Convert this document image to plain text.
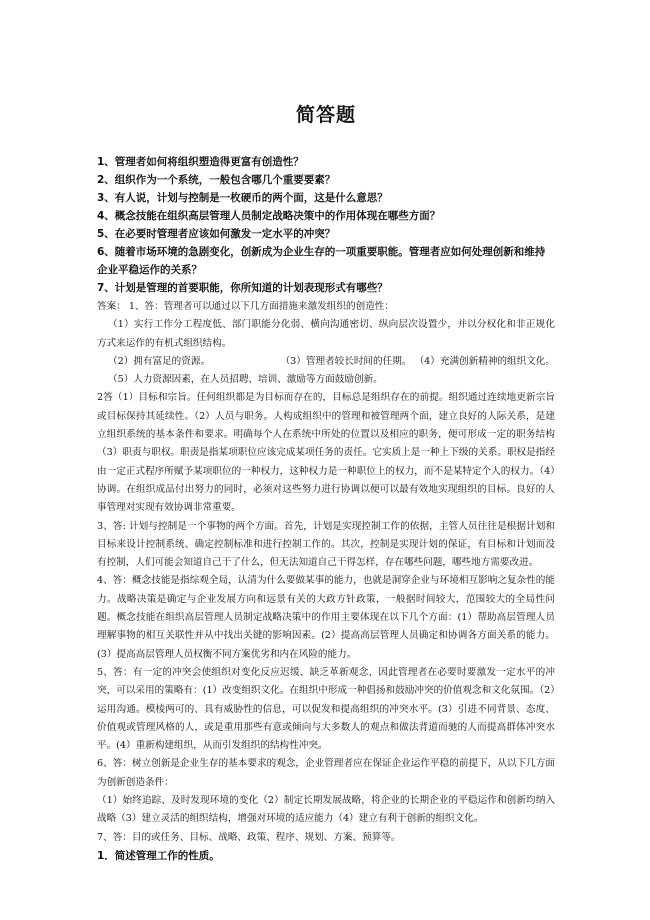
简答题

1、管理者如何将组织塑造得更富有创造性？

2、组织作为一个系统，一般包含哪几个重要要素？

3、有人说，计划与控制是一枚硬币的两个面，这是什么意思？

4、概念技能在组织高层管理人员制定战略决策中的作用体现在哪些方面？

5、在必要时管理者应该如何激发一定水平的冲突？

6、随着市场环境的急剧变化，创新成为企业生存的一项重要职能。管理者应如何处理创新和维持企业平稳运作的关系？

7、计划是管理的首要职能，你所知道的计划表现形式有哪些？

答案： 1、答：管理者可以通过以下几方面措施来激发组织的创造性：

（1）实行工作分工程度低、部门职能分化弱、横向沟通密切、纵向层次设置少，并以分权化和非正规化方式来运作的有机式组织结构。

（2）拥有富足的资源。	（3）管理者较长时间的任期。 （4）充满创新精神的组织文化。

（5）人力资源因素，在人员招聘、培训、激励等方面鼓励创新。

2答（1）目标和宗旨。任何组织都是为目标而存在的，目标总是组织存在的前提。组织通过连续地更新宗旨或目标保持其延续性。（2）人员与职务。人构成组织中的管理和被管理两个面，建立良好的人际关系，是建立组织系统的基本条件和要求。明确每个人在系统中所处的位置以及相应的职务，便可形成一定的职务结构（3）职责与职权。职责是指某项职位应该完成某项任务的责任。它实质上是一种上下级的关系。职权是指经由一定正式程序所赋予某项职位的一种权力，这种权力是一种职位上的权力，而不是某特定个人的权力。（4）协调。在组织成品付出努力的同时，必须对这些努力进行协调以便可以最有效地实现组织的目标。良好的人事管理对实现有效协调非常重要。

3、答: 计划与控制是一个事物的两个方面。首先，计划是实现控制工作的依据，主管人员往往是根据计划和目标来设计控制系统、确定控制标准和进行控制工作的。其次，控制是实现计划的保证，有目标和计划而没有控制，人们可能会知道自己干了什么，但无法知道自己干得怎样，存在哪些问题，哪些地方需要改进。

4、答：概念技能是指综观全局，认清为什么要做某事的能力，也就是洞穿企业与环境相互影响之复杂性的能力。战略决策是确定与企业发展方向和远景有关的大政方针政策，一般据时间较大，范围较大的全局性问题。概念技能在组织高层管理人员制定战略决策中的作用主要体现在以下几个方面：(1）帮助高层管理人员理解事物的相互关联性并从中找出关键的影响因素。(2）提高高层管理人员确定和协调各方面关系的能力。(3）提高高层管理人员权衡不同方案优劣和内在风险的能力。

5、答：有一定的冲突会使组织对变化反应迟缓、缺乏革新观念，因此管理者在必要时要激发一定水平的冲突，可以采用的策略有：(1）改变组织文化。在组织中形成一种倡扬和鼓励冲突的价值观念和文化氛围。（2）运用沟通。模棱两可的、具有威胁性的信息，可以促发和提高组织的冲突水平。(3）引进不同背景、态度、价值观或管理风格的人，或是重用那些有意或倾向与大多数人的观点和做法背道而驰的人而提高群体冲突水平。(4）重新构建组织，从而引发组织的结构性冲突。

6、答：树立创新是企业生存的基本要求的观念，企业管理者应在保证企业运作平稳的前提下，从以下几方面为创新创造条件：

（1）始终追踪、及时发现环境的变化（2）制定长期发展战略，将企业的长期企业的平稳运作和创新均纳入战略（3）建立灵活的组织结构，增强对环境的适应能力（4）建立有利于创新的组织文化。

7、答：目的或任务、目标、战略、政策、程序、规划、方案、预算等。

1．简述管理工作的性质。
